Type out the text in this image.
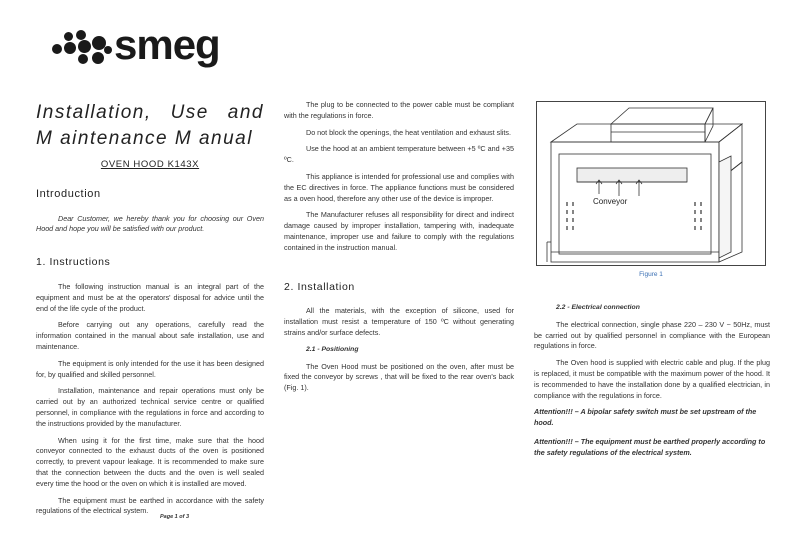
smeg
Installation, Use and
M aintenance M anual
OVEN HOOD K143X
Introduction

Dear Customer, we hereby thank you for choosing our Oven Hood and hope you will be satisfied with our product.

1. Instructions

The following instruction manual is an integral part of the equipment and must be at the operators' disposal for advice until the end of the life cycle of the product.

Before carrying out any operations, carefully read the information contained in the manual about safe installation, use and maintenance.

The equipment is only intended for the use it has been designed for, by qualified and skilled personnel.

Installation, maintenance and repair operations must only be carried out by an authorized technical service centre or qualified personnel, in compliance with the regulations in force and according to the instructions provided by the manufacturer.

When using it for the first time, make sure that the hood conveyor connected to the exhaust ducts of the oven is positioned correctly, to prevent vapour leakage. It is recommended to make sure that the connection between the ducts and the oven is well sealed every time the hood or the oven on which it is installed are moved.

The equipment must be earthed in accordance with the safety regulations of the electrical system.

The plug to be connected to the power cable must be compliant with the regulations in force.

Do not block the openings, the heat ventilation and exhaust slits.

Use the hood at an ambient temperature between +5 ºC and +35 ºC.

This appliance is intended for professional use and complies with the EC directives in force. The appliance functions must be considered as a oven hood, therefore any other use of the device is improper.

The Manufacturer refuses all responsibility for direct and indirect damage caused by improper installation, tampering with, inadequate maintenance, improper use and failure to comply with the regulations contained in the instruction manual.

2. Installation

All the materials, with the exception of silicone, used for installation must resist a temperature of 150 ºC without generating strains and/or surface defects.

2.1 - Positioning

The Oven Hood must be positioned on the oven, after must be fixed the conveyor by screws , that will be fixed to the rear oven's back (Fig. 1).

Conveyor
Figure 1
2.2 - Electrical connection

The electrical connection, single phase 220 – 230 V ~ 50Hz, must be carried out by qualified personnel in compliance with the European regulations in force.

The Oven hood is supplied with electric cable and plug. If the plug is replaced, it must be compatible with the maximum power of the hood. It is recommended to have the installation done by a qualified electrician, in compliance with the regulations in force.

Attention!!! – A bipolar safety switch must be set upstream of the hood.
Attention!!! – The equipment must be earthed properly according to the safety regulations of the electrical system.
Page 1 of 3
